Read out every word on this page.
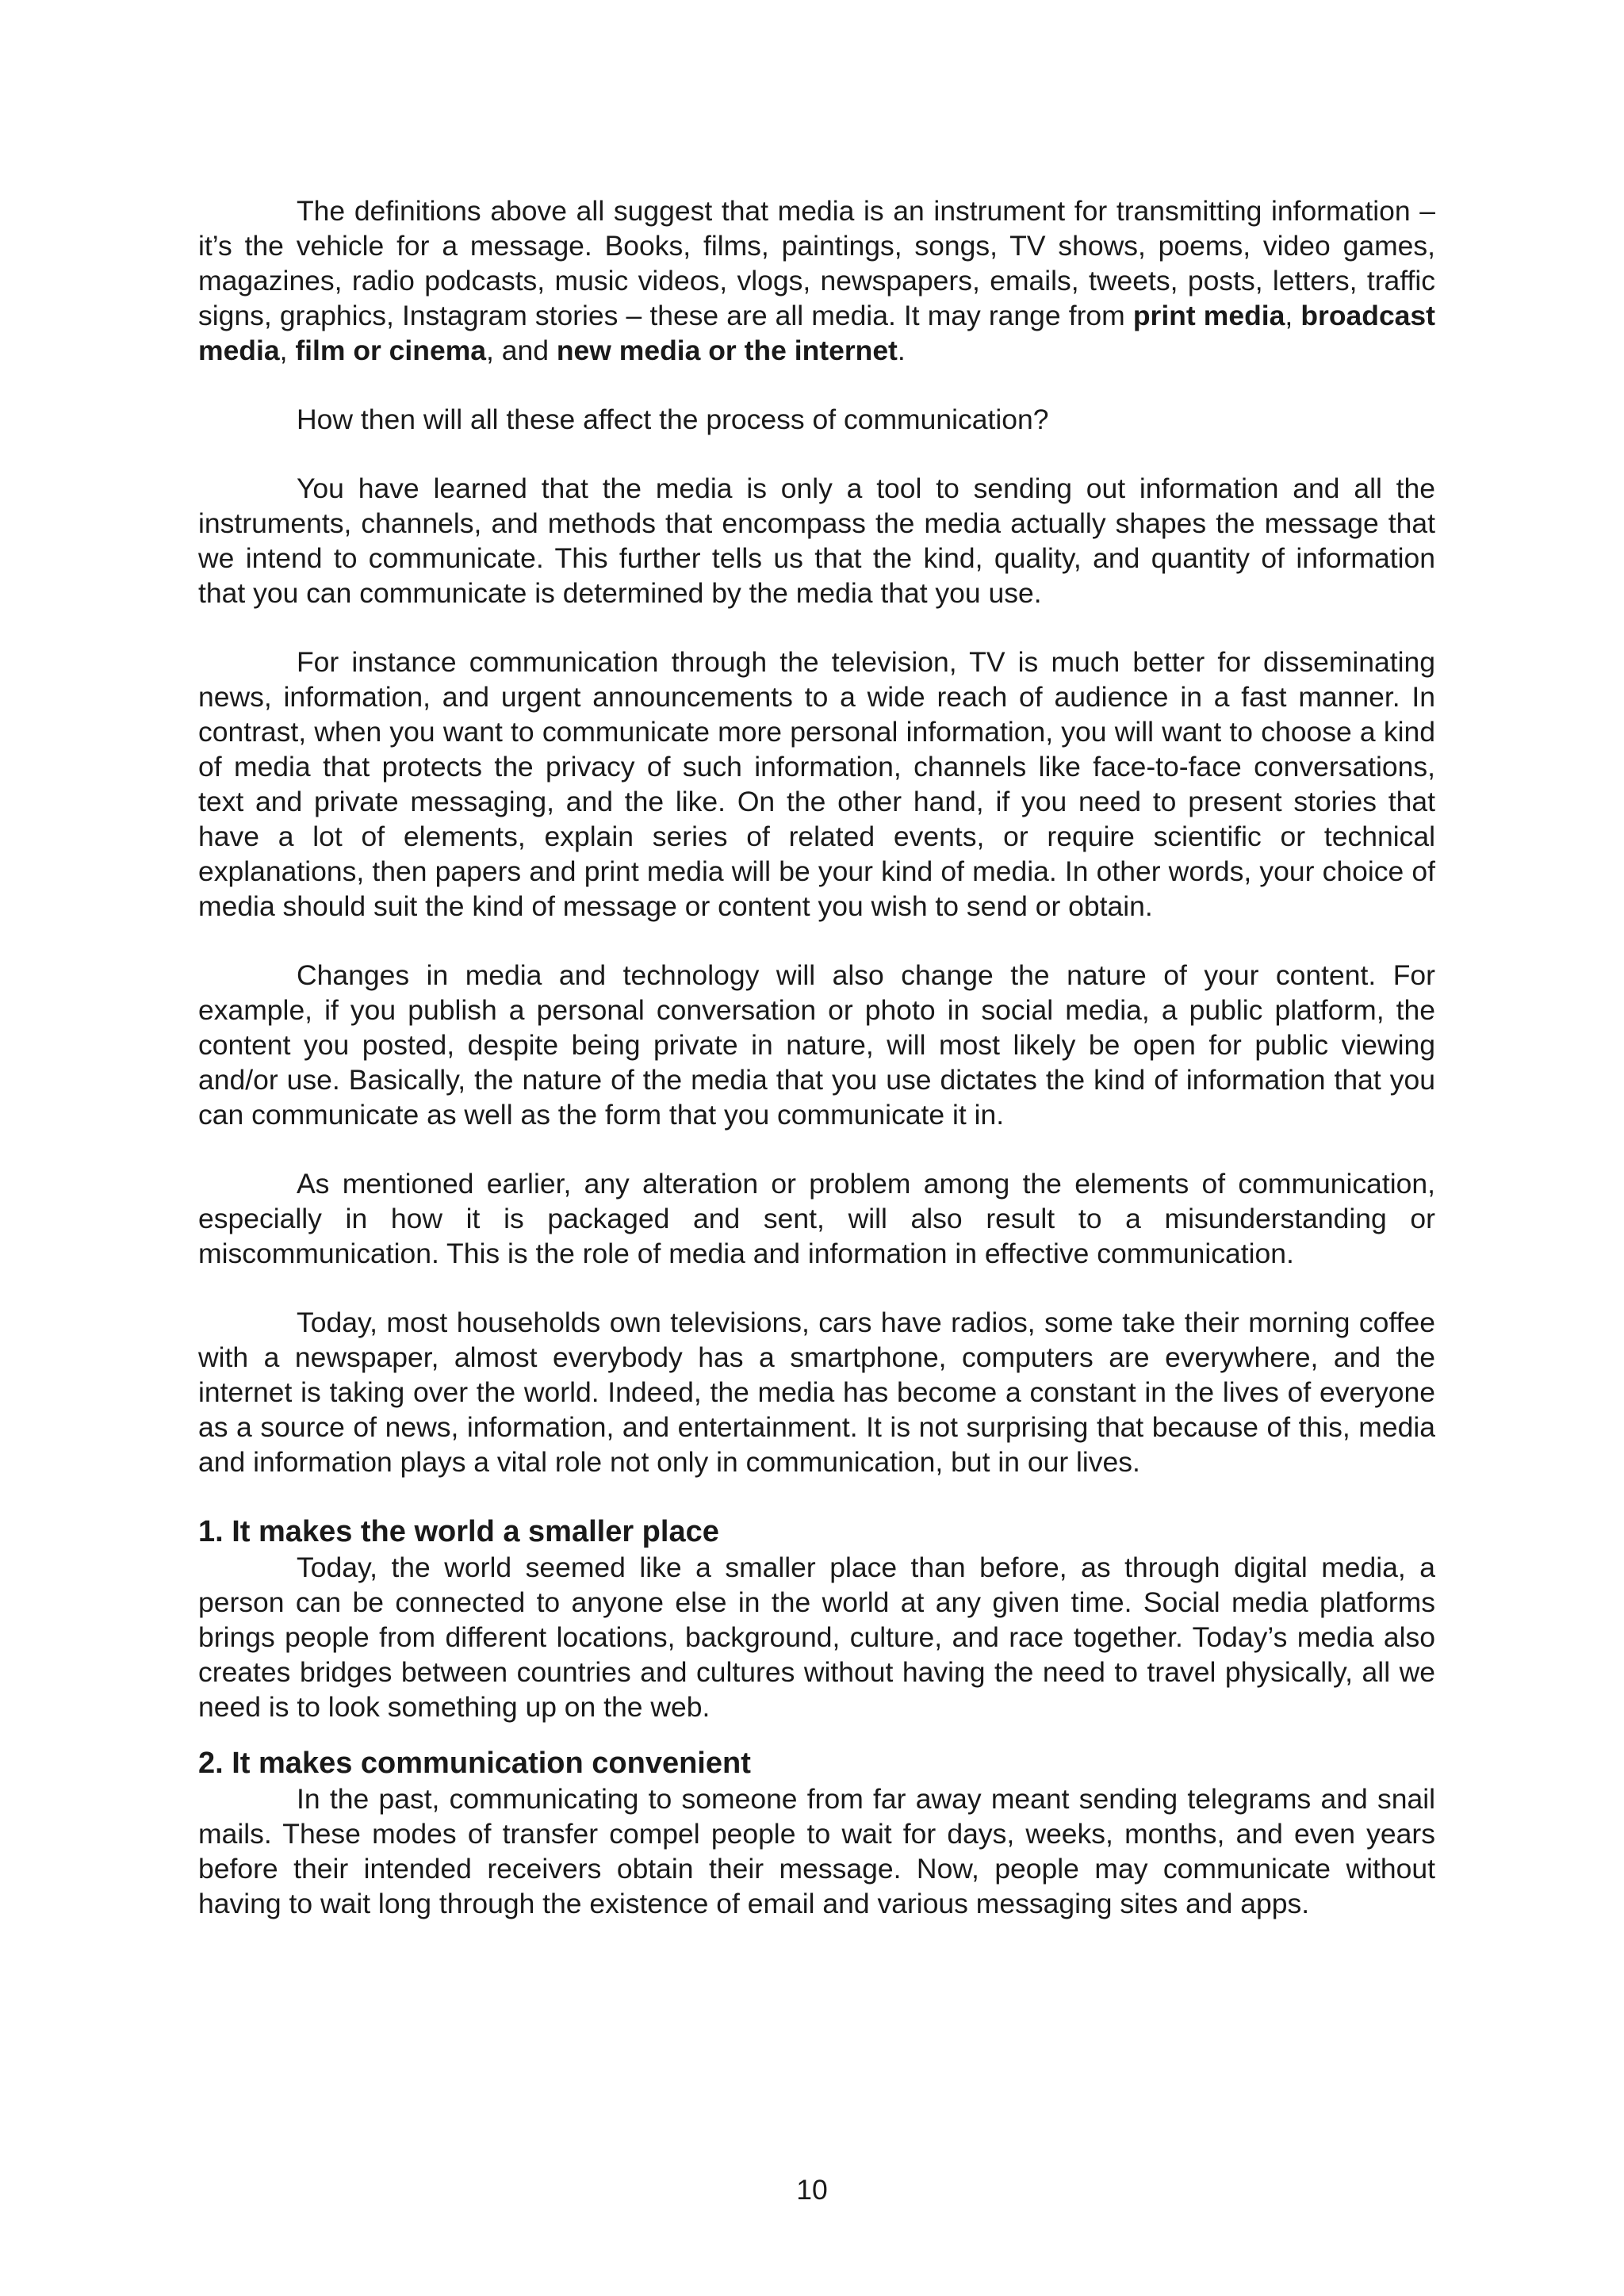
The definitions above all suggest that media is an instrument for transmitting information – it’s the vehicle for a message. Books, films, paintings, songs, TV shows, poems, video games, magazines, radio podcasts, music videos, vlogs, newspapers, emails, tweets, posts, letters, traffic signs, graphics, Instagram stories – these are all media. It may range from print media, broadcast media, film or cinema, and new media or the internet.

How then will all these affect the process of communication?

You have learned that the media is only a tool to sending out information and all the instruments, channels, and methods that encompass the media actually shapes the message that we intend to communicate. This further tells us that the kind, quality, and quantity of information that you can communicate is determined by the media that you use.

For instance communication through the television, TV is much better for disseminating news, information, and urgent announcements to a wide reach of audience in a fast manner. In contrast, when you want to communicate more personal information, you will want to choose a kind of media that protects the privacy of such information, channels like face-to-face conversations, text and private messaging, and the like. On the other hand, if you need to present stories that have a lot of elements, explain series of related events, or require scientific or technical explanations, then papers and print media will be your kind of media. In other words, your choice of media should suit the kind of message or content you wish to send or obtain.

Changes in media and technology will also change the nature of your content. For example, if you publish a personal conversation or photo in social media, a public platform, the content you posted, despite being private in nature, will most likely be open for public viewing and/or use. Basically, the nature of the media that you use dictates the kind of information that you can communicate as well as the form that you communicate it in.

As mentioned earlier, any alteration or problem among the elements of communication, especially in how it is packaged and sent, will also result to a misunderstanding or miscommunication. This is the role of media and information in effective communication.

Today, most households own televisions, cars have radios, some take their morning coffee with a newspaper, almost everybody has a smartphone, computers are everywhere, and the internet is taking over the world. Indeed, the media has become a constant in the lives of everyone as a source of news, information, and entertainment. It is not surprising that because of this, media and information plays a vital role not only in communication, but in our lives.

1. It makes the world a smaller place

Today, the world seemed like a smaller place than before, as through digital media, a person can be connected to anyone else in the world at any given time. Social media platforms brings people from different locations, background, culture, and race together. Today’s media also creates bridges between countries and cultures without having the need to travel physically, all we need is to look something up on the web.

2. It makes communication convenient

In the past, communicating to someone from far away meant sending telegrams and snail mails. These modes of transfer compel people to wait for days, weeks, months, and even years before their intended receivers obtain their message. Now, people may communicate without having to wait long through the existence of email and various messaging sites and apps.

10
